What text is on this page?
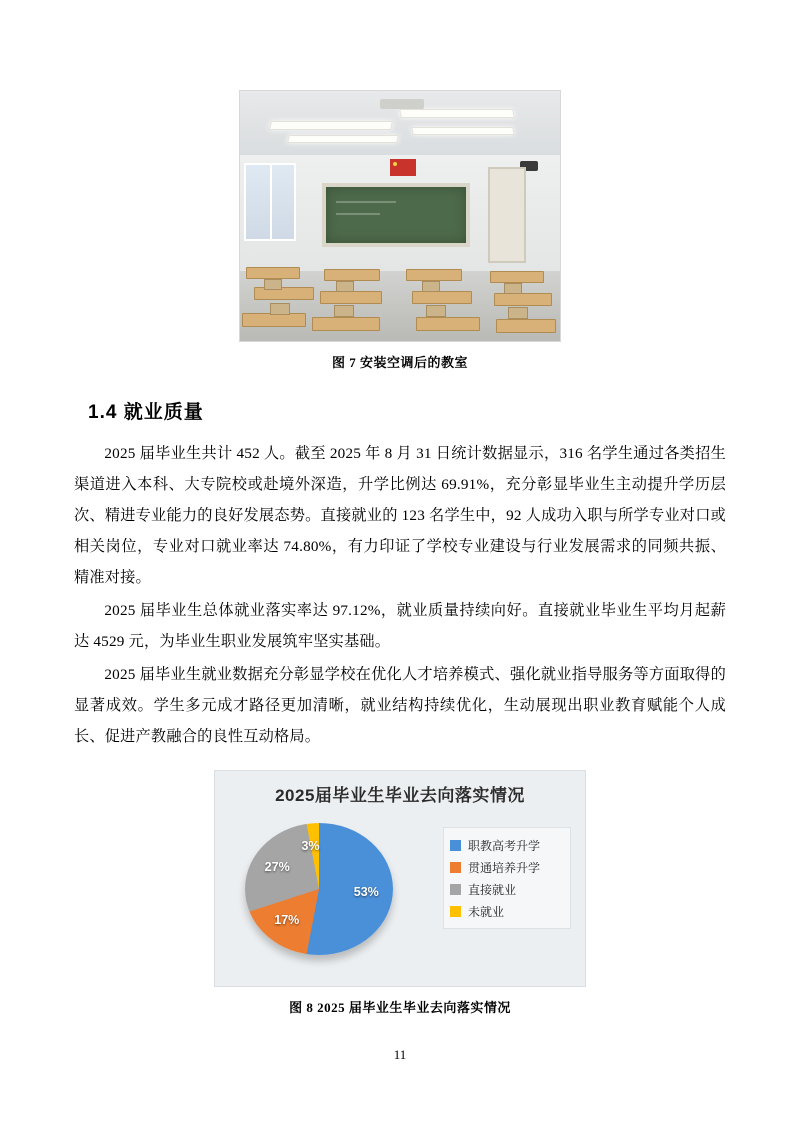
图 7 安装空调后的教室
1.4 就业质量

2025 届毕业生共计 452 人。截至 2025 年 8 月 31 日统计数据显示，316 名学生通过各类招生渠道进入本科、大专院校或赴境外深造，升学比例达 69.91%，充分彰显毕业生主动提升学历层次、精进专业能力的良好发展态势。直接就业的 123 名学生中，92 人成功入职与所学专业对口或相关岗位，专业对口就业率达 74.80%，有力印证了学校专业建设与行业发展需求的同频共振、精准对接。

2025 届毕业生总体就业落实率达 97.12%，就业质量持续向好。直接就业毕业生平均月起薪达 4529 元，为毕业生职业发展筑牢坚实基础。

2025 届毕业生就业数据充分彰显学校在优化人才培养模式、强化就业指导服务等方面取得的显著成效。学生多元成才路径更加清晰，就业结构持续优化，生动展现出职业教育赋能个人成长、促进产教融合的良性互动格局。

2025届毕业生毕业去向落实情况
53%
17%
27%
3%	职教高考升学
贯通培养升学
直接就业
未就业
图 8 2025 届毕业生毕业去向落实情况
11
